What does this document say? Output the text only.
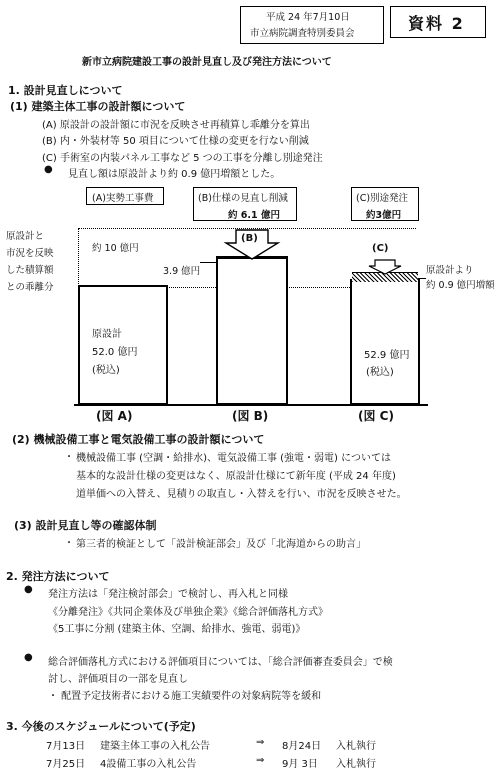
平成 24 年7月10日
市立病院調査特別委員会
資料 2
新市立病院建設工事の設計見直し及び発注方法について
1. 設計見直しについて
(1) 建築主体工事の設計額について
(A) 原設計の設計額に市況を反映させ再積算し乖離分を算出
(B) 内・外装材等 50 項目について仕様の変更を行ない削減
(C) 手術室の内装パネル工事など 5 つの工事を分離し別途発注
● 見直し額は原設計より約 0.9 億円増額とした。
(A)実勢工事費	(B)仕様の見直し削減
約 6.1 億円
(C)別途発注
約3億円
原設計と
市況を反映
した積算額
との乖離分
約 10 億円
原設計
52.0 億円
(税込)
(B)
3.9 億円
(C)
52.9 億円
(税込)
原設計より
約 0.9 億円増額
(図 A)	(図 B)	(図 C)
(2) 機械設備工事と電気設備工事の設計額について
・ 機械設備工事 (空調・給排水)、電気設備工事 (強電・弱電) については
基本的な設計仕様の変更はなく、原設計仕様にて新年度 (平成 24 年度)
道単価への入替え、見積りの取直し・入替えを行い、市況を反映させた。
(3) 設計見直し等の確認体制
・ 第三者的検証として「設計検証部会」及び「北海道からの助言」
2. 発注方法について
● 発注方法は「発注検討部会」で検討し、再入札と同様
《分離発注》《共同企業体及び単独企業》《総合評価落札方式》
《5工事に分割 (建築主体、空調、給排水、強電、弱電)》
● 総合評価落札方式における評価項目については、「総合評価審査委員会」で検
討し、評価項目の一部を見直し
・ 配置予定技術者における施工実績要件の対象病院等を緩和
3. 今後のスケジュールについて(予定)
7月13日 建築主体工事の入札公告	⇒ 8月24日 入札執行
7月25日 4設備工事の入札公告	⇒ 9月 3日 入札執行
